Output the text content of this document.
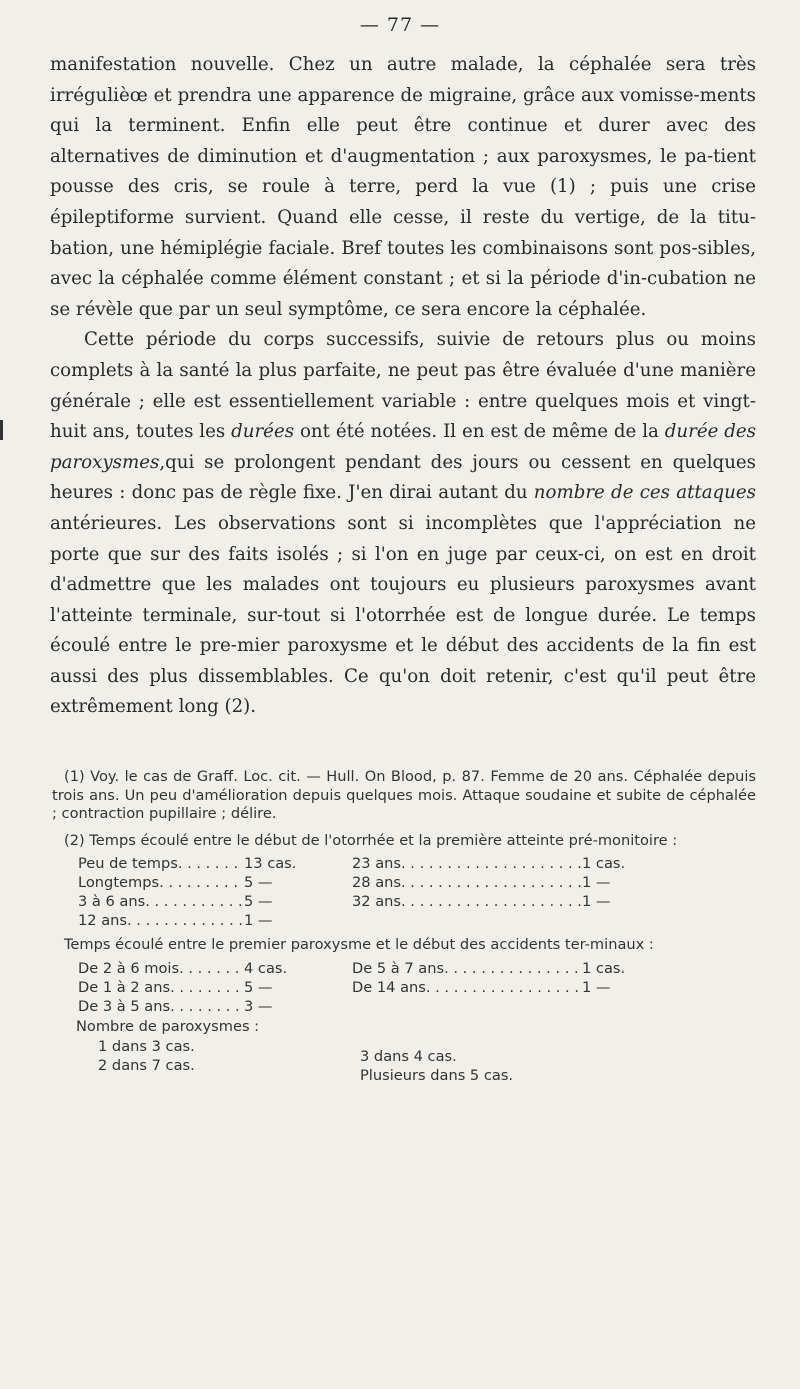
— 77 —

manifestation nouvelle. Chez un autre malade, la céphalée sera très irrégulièœ et prendra une apparence de migraine, grâce aux vomisse-ments qui la terminent. Enfin elle peut être continue et durer avec des alternatives de diminution et d'augmentation ; aux paroxysmes, le pa-tient pousse des cris, se roule à terre, perd la vue (1) ; puis une crise épileptiforme survient. Quand elle cesse, il reste du vertige, de la titu-bation, une hémiplégie faciale. Bref toutes les combinaisons sont pos-sibles, avec la céphalée comme élément constant ; et si la période d'in-cubation ne se révèle que par un seul symptôme, ce sera encore la céphalée.

Cette période du corps successifs, suivie de retours plus ou moins complets à la santé la plus parfaite, ne peut pas être évaluée d'une manière générale ; elle est essentiellement variable : entre quelques mois et vingt-huit ans, toutes les durées ont été notées. Il en est de même de la durée des paroxysmes,qui se prolongent pendant des jours ou cessent en quelques heures : donc pas de règle fixe. J'en dirai autant du nombre de ces attaques antérieures. Les observations sont si incomplètes que l'appréciation ne porte que sur des faits isolés ; si l'on en juge par ceux-ci, on est en droit d'admettre que les malades ont toujours eu plusieurs paroxysmes avant l'atteinte terminale, sur-tout si l'otorrhée est de longue durée. Le temps écoulé entre le pre-mier paroxysme et le début des accidents de la fin est aussi des plus dissemblables. Ce qu'on doit retenir, c'est qu'il peut être extrêmement long (2).

(1) Voy. le cas de Graff. Loc. cit. — Hull. On Blood, p. 87. Femme de 20 ans. Céphalée depuis trois ans. Un peu d'amélioration depuis quelques mois. Attaque soudaine et subite de céphalée ; contraction pupillaire ; délire.

(2) Temps écoulé entre le début de l'otorrhée et la première atteinte pré-monitoire :

Peu de temps . . .	13 cas.
Longtemps . . .	5 —
3 à 6 ans . . .	5 —
12 ans . . .	1 —
23 ans . . .	1 cas.
28 ans . . .	1 —
32 ans . . .	1 —

Temps écoulé entre le premier paroxysme et le début des accidents ter-minaux :

De 2 à 6 mois . . .	4 cas.
De 1 à 2 ans . . .	5 —
De 3 à 5 ans . . .	3 —
De 5 à 7 ans . . .	1 cas.
De 14 ans . . .	1 —
Nombre de paroxysmes :
1 dans 3 cas.
2 dans 7 cas.
3 dans 4 cas.
Plusieurs dans 5 cas.
